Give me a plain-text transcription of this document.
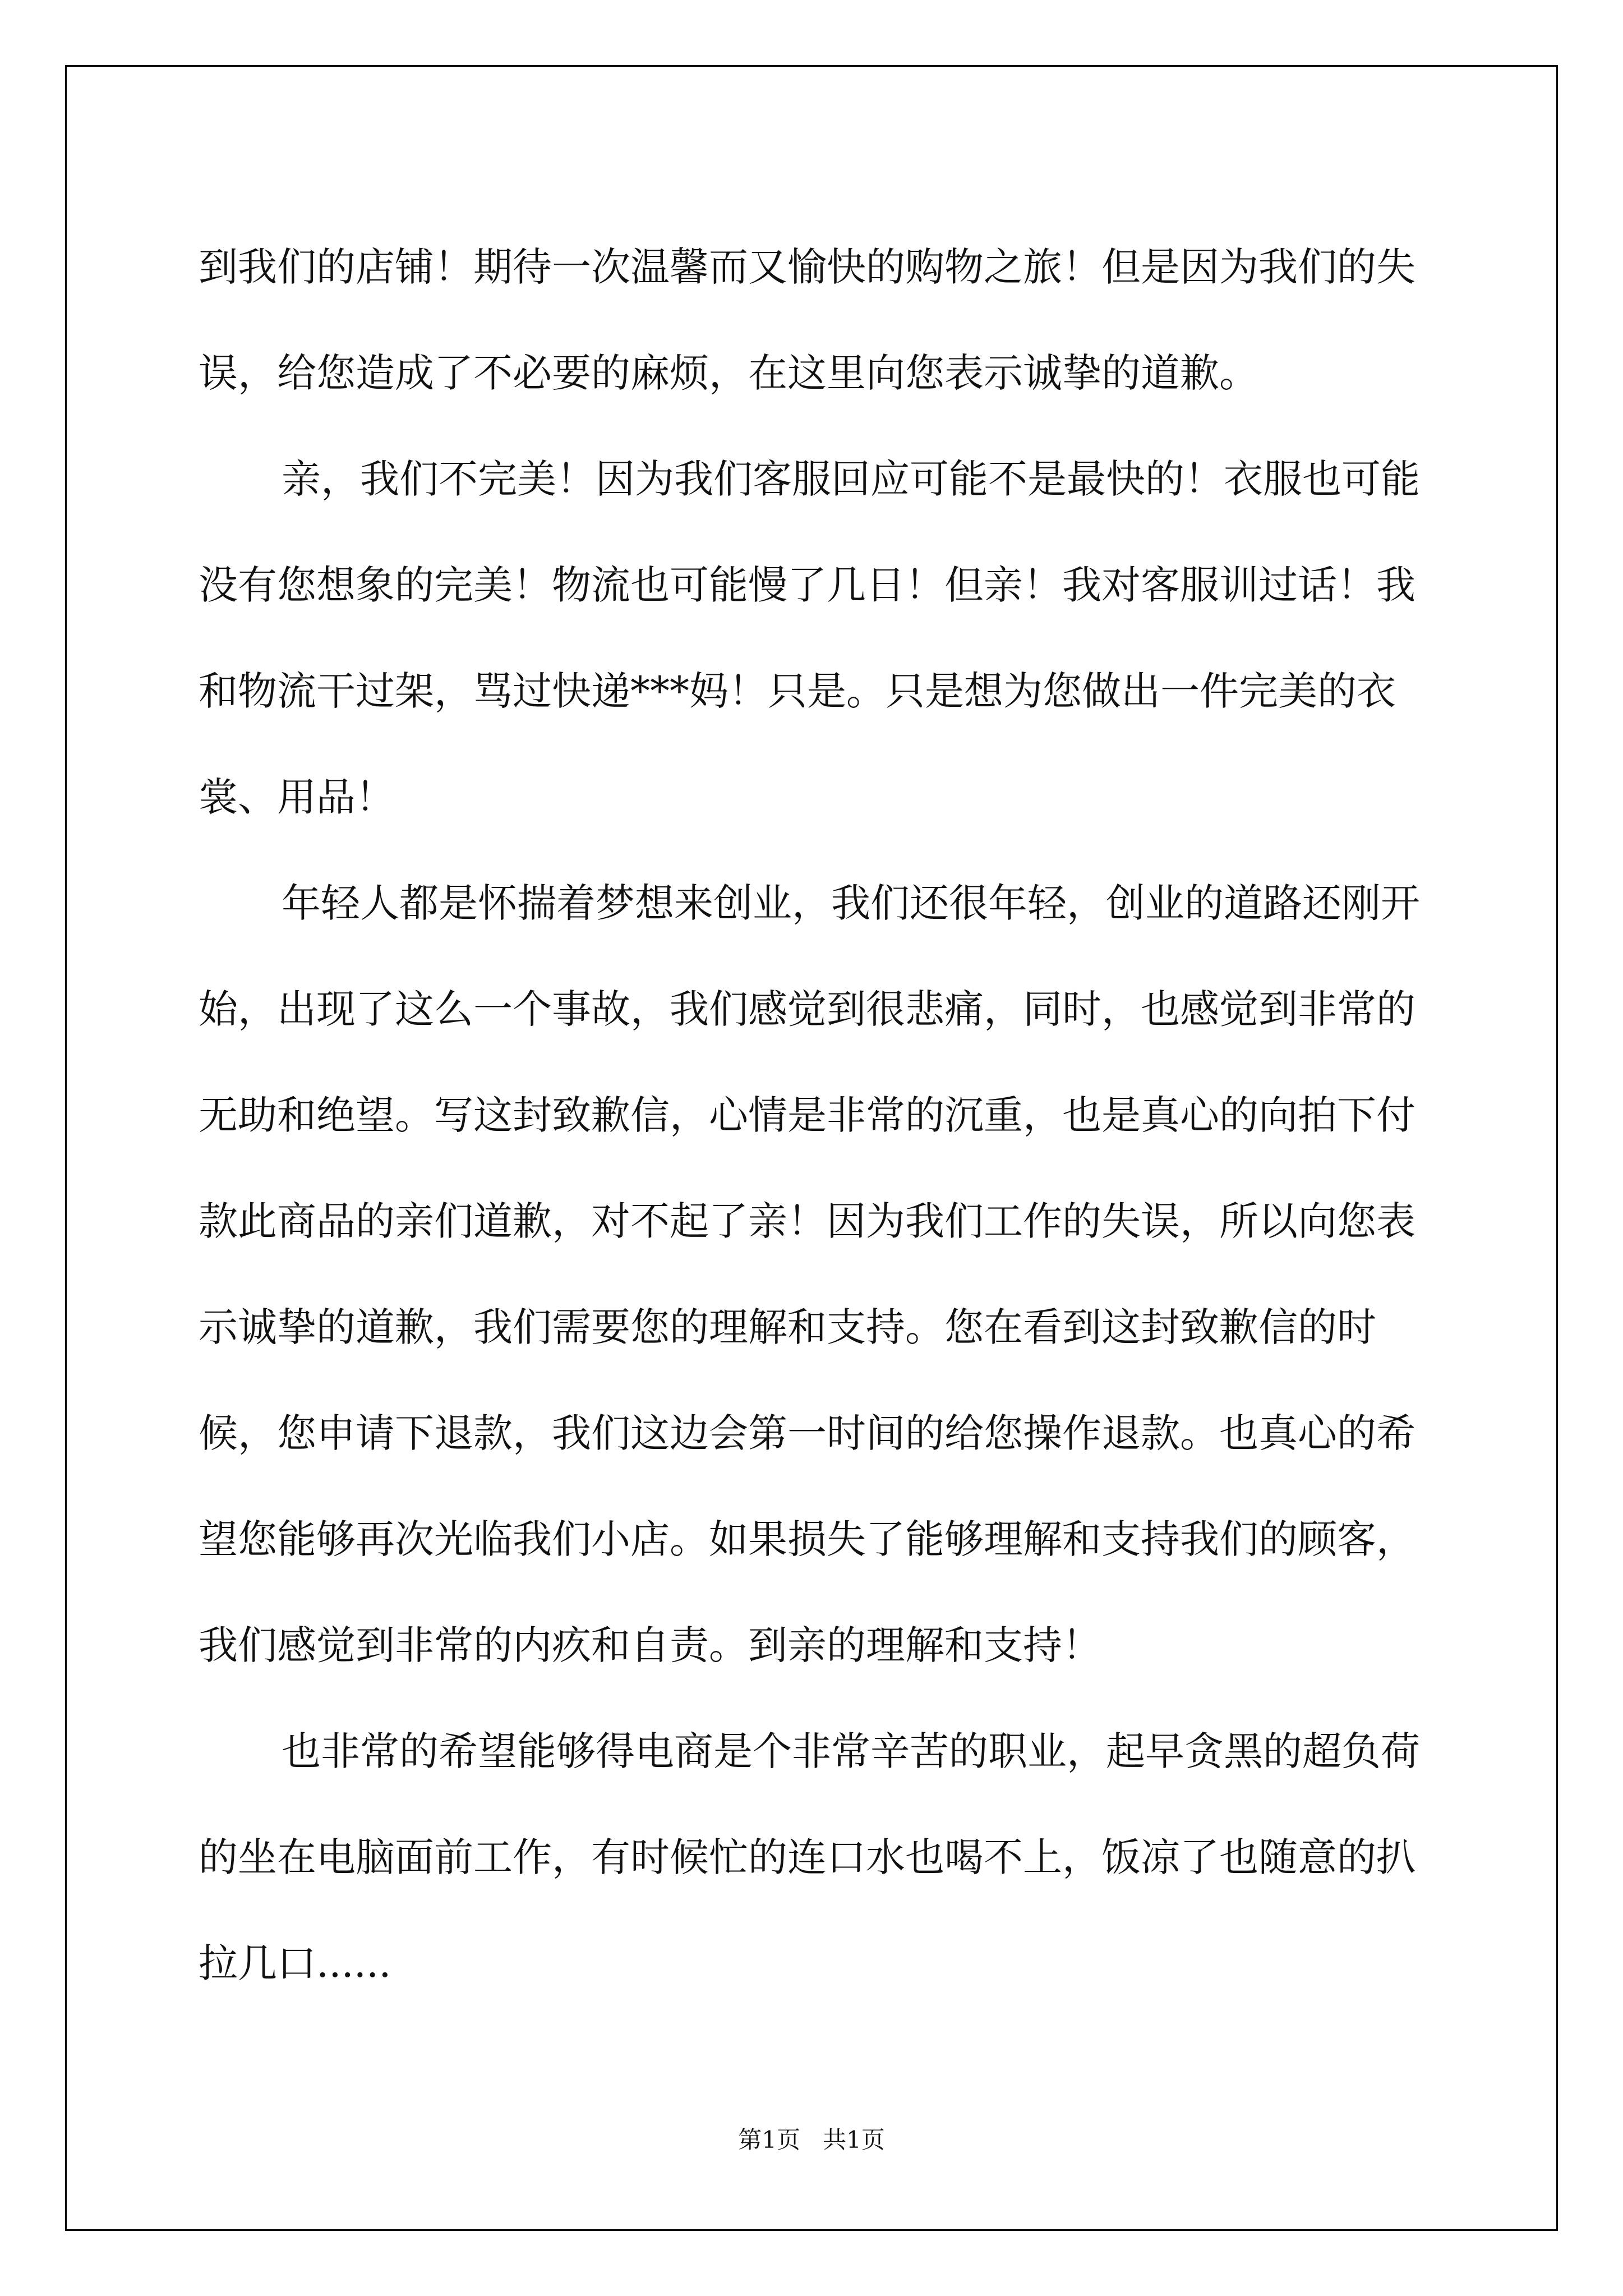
到我们的店铺！期待一次温馨而又愉快的购物之旅！但是因为我们的失误，给您造成了不必要的麻烦，在这里向您表示诚挚的道歉。

亲，我们不完美！因为我们客服回应可能不是最快的！衣服也可能没有您想象的完美！物流也可能慢了几日！但亲！我对客服训过话！我和物流干过架，骂过快递***妈！只是。只是想为您做出一件完美的衣裳、用品！

年轻人都是怀揣着梦想来创业，我们还很年轻，创业的道路还刚开始，出现了这么一个事故，我们感觉到很悲痛，同时，也感觉到非常的无助和绝望。写这封致歉信，心情是非常的沉重，也是真心的向拍下付款此商品的亲们道歉，对不起了亲！因为我们工作的失误，所以向您表示诚挚的道歉，我们需要您的理解和支持。您在看到这封致歉信的时候，您申请下退款，我们这边会第一时间的给您操作退款。也真心的希望您能够再次光临我们小店。如果损失了能够理解和支持我们的顾客，我们感觉到非常的内疚和自责。到亲的理解和支持！

也非常的希望能够得电商是个非常辛苦的职业，起早贪黑的超负荷的坐在电脑面前工作，有时候忙的连口水也喝不上，饭凉了也随意的扒拉几口......

第1页   共1页
